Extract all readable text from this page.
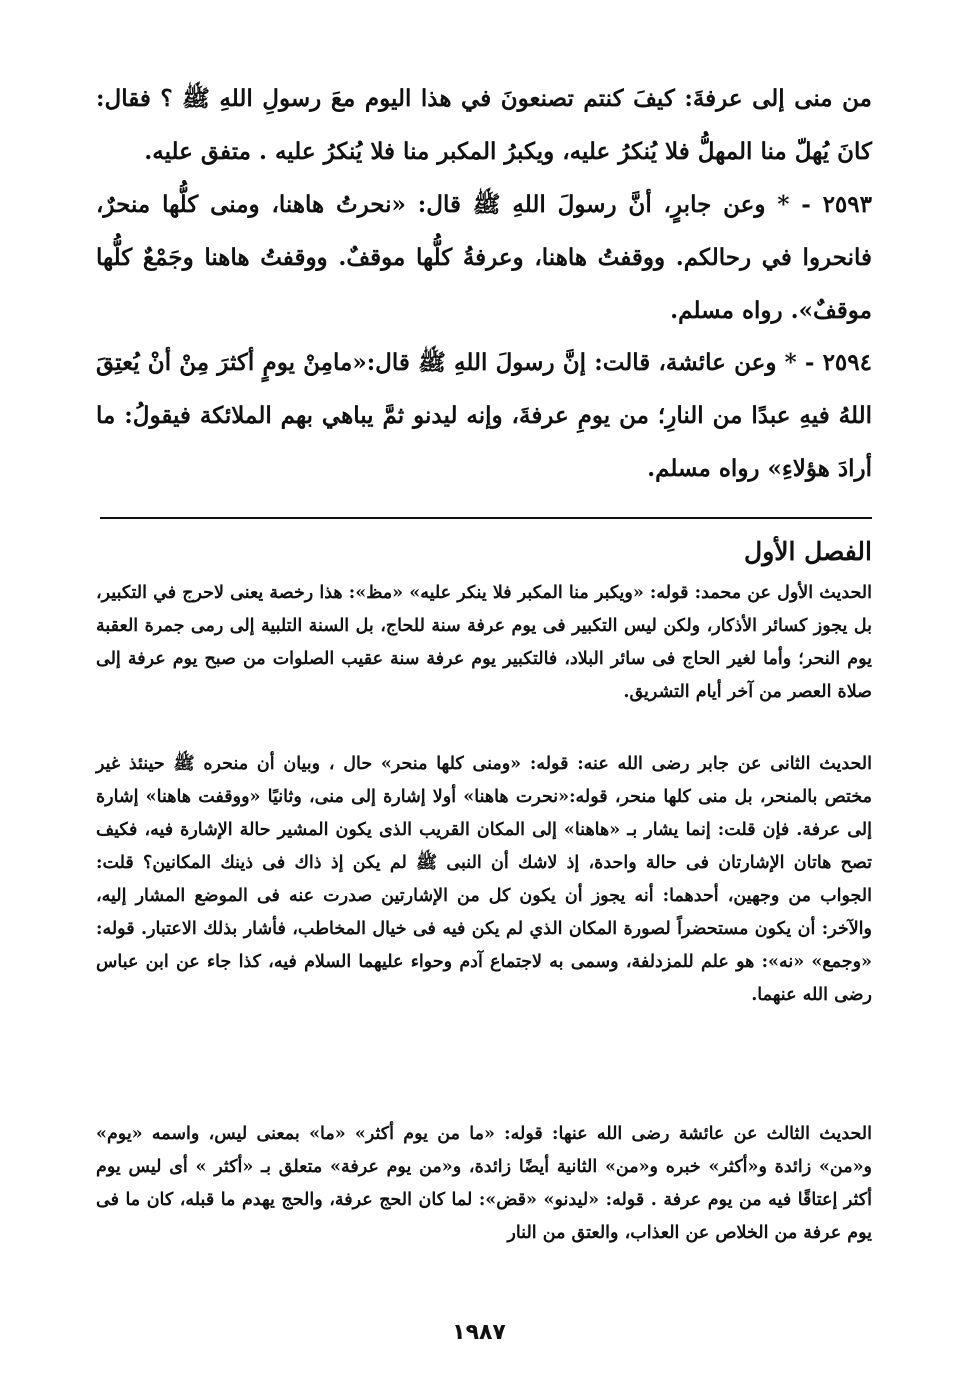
من منى إلى عرفةَ: كيفَ كنتم تصنعونَ في هذا اليوم معَ رسولِ اللهِ ﷺ ؟ فقال: كانَ يُهلّ منا المهلُّ فلا يُنكرُ عليه، ويكبرُ المكبر منا فلا يُنكرُ عليه . متفق عليه.

٢٥٩٣ - * وعن جابرٍ، أنَّ رسولَ اللهِ ﷺ قال: «نحرتُ هاهنا، ومنى كلُّها منحرٌ، فانحروا في رحالكم. ووقفتُ هاهنا، وعرفةُ كلُّها موقفٌ. ووقفتُ هاهنا وجَمْعٌ كلُّها موقفٌ». رواه مسلم.

٢٥٩٤ - * وعن عائشة، قالت: إنَّ رسولَ اللهِ ﷺ قال:«مامِنْ يومٍ أكثرَ مِنْ أنْ يُعتِقَ اللهُ فيهِ عبدًا من النارِ؛ من يومِ عرفةَ، وإنه ليدنو ثمَّ يباهي بهم الملائكة فيقولُ: ما أرادَ هؤلاءِ» رواه مسلم.

الفصل الأول

الحديث الأول عن محمد: قوله: «ويكبر منا المكبر فلا ينكر عليه» «مظ»: هذا رخصة يعنى لاحرج في التكبير، بل يجوز كسائر الأذكار، ولكن ليس التكبير فى يوم عرفة سنة للحاج، بل السنة التلبية إلى رمى جمرة العقبة يوم النحر؛ وأما لغير الحاج فى سائر البلاد، فالتكبير يوم عرفة سنة عقيب الصلوات من صبح يوم عرفة إلى صلاة العصر من آخر أيام التشريق.

الحديث الثانى عن جابر رضى الله عنه: قوله: «ومنى كلها منحر» حال ، وبيان أن منحره ﷺ حينئذ غير مختص بالمنحر، بل منى كلها منحر، قوله:«نحرت هاهنا» أولا إشارة إلى منى، وثانيًا «ووقفت هاهنا» إشارة إلى عرفة. فإن قلت: إنما يشار بـ «هاهنا» إلى المكان القريب الذى يكون المشير حالة الإشارة فيه، فكيف تصح هاتان الإشارتان فى حالة واحدة، إذ لاشك أن النبى ﷺ لم يكن إذ ذاك فى ذينك المكانين؟ قلت: الجواب من وجهين، أحدهما: أنه يجوز أن يكون كل من الإشارتين صدرت عنه فى الموضع المشار إليه، والآخر: أن يكون مستحضراً لصورة المكان الذي لم يكن فيه فى خيال المخاطب، فأشار بذلك الاعتبار. قوله: «وجمع» «نه»: هو علم للمزدلفة، وسمى به لاجتماع آدم وحواء عليهما السلام فيه، كذا جاء عن ابن عباس رضى الله عنهما.

الحديث الثالث عن عائشة رضى الله عنها: قوله: «ما من يوم أكثر» «ما» بمعنى ليس، واسمه «يوم» و«من» زائدة و«أكثر» خبره و«من» الثانية أيضًا زائدة، و«من يوم عرفة» متعلق بـ «أكثر » أى ليس يوم أكثر إعتاقًا فيه من يوم عرفة . قوله: «ليدنو» «قض»: لما كان الحج عرفة، والحج يهدم ما قبله، كان ما فى يوم عرفة من الخلاص عن العذاب، والعتق من النار

١٩٨٧
